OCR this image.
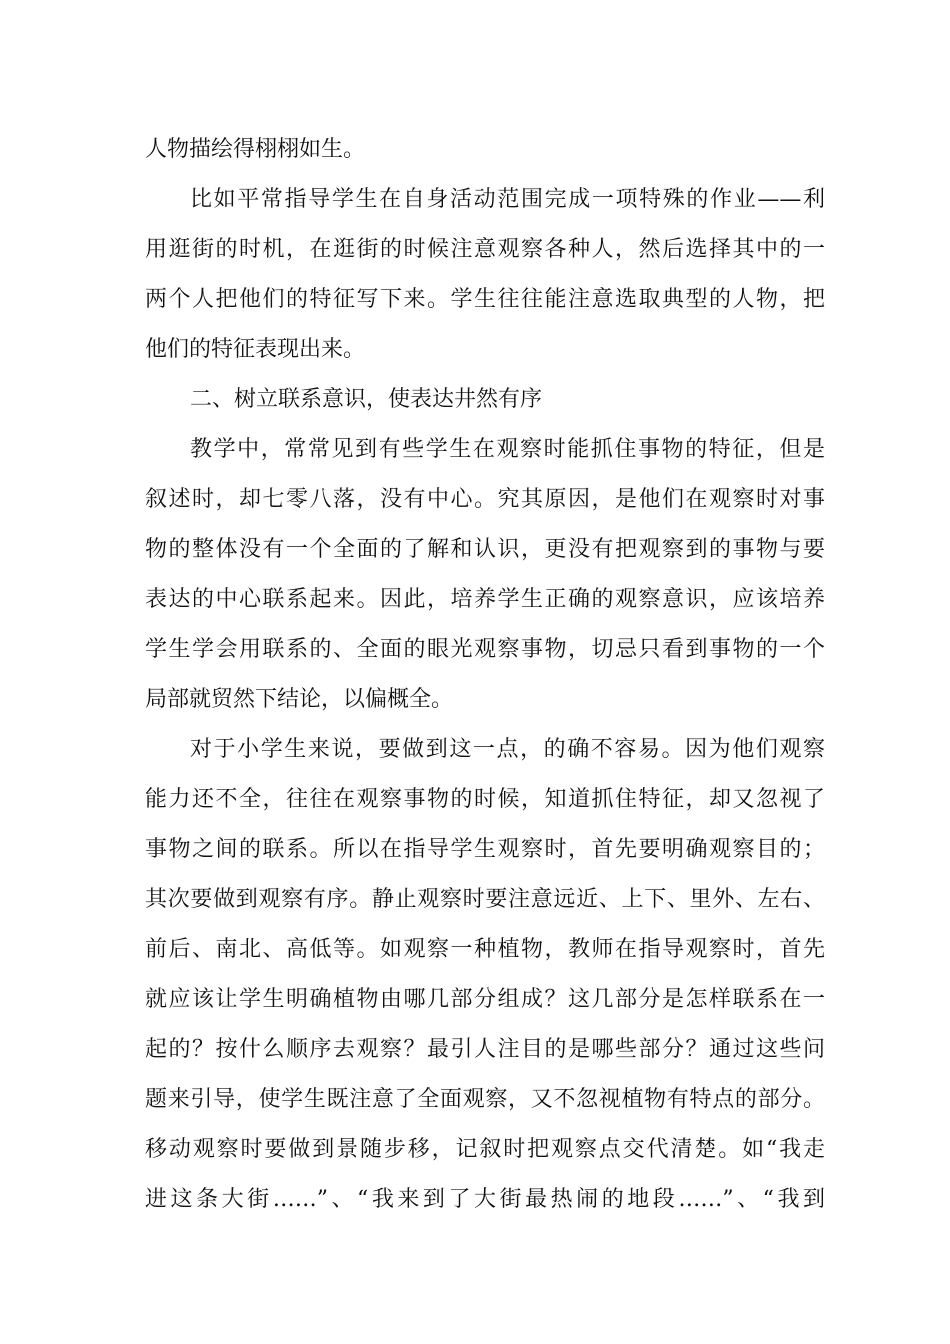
人物描绘得栩栩如生。
比如平常指导学生在自身活动范围完成一项特殊的作业——利
用逛街的时机，在逛街的时候注意观察各种人，然后选择其中的一
两个人把他们的特征写下来。学生往往能注意选取典型的人物，把
他们的特征表现出来。
二、树立联系意识，使表达井然有序
教学中，常常见到有些学生在观察时能抓住事物的特征，但是
叙述时，却七零八落，没有中心。究其原因，是他们在观察时对事
物的整体没有一个全面的了解和认识，更没有把观察到的事物与要
表达的中心联系起来。因此，培养学生正确的观察意识，应该培养
学生学会用联系的、全面的眼光观察事物，切忌只看到事物的一个
局部就贸然下结论，以偏概全。
对于小学生来说，要做到这一点，的确不容易。因为他们观察
能力还不全，往往在观察事物的时候，知道抓住特征，却又忽视了
事物之间的联系。所以在指导学生观察时，首先要明确观察目的；
其次要做到观察有序。静止观察时要注意远近、上下、里外、左右、
前后、南北、高低等。如观察一种植物，教师在指导观察时，首先
就应该让学生明确植物由哪几部分组成？这几部分是怎样联系在一
起的？按什么顺序去观察？最引人注目的是哪些部分？通过这些问
题来引导，使学生既注意了全面观察，又不忽视植物有特点的部分。
移动观察时要做到景随步移，记叙时把观察点交代清楚。如“我走
进这条大街……”、“我来到了大街最热闹的地段……”、“我到
